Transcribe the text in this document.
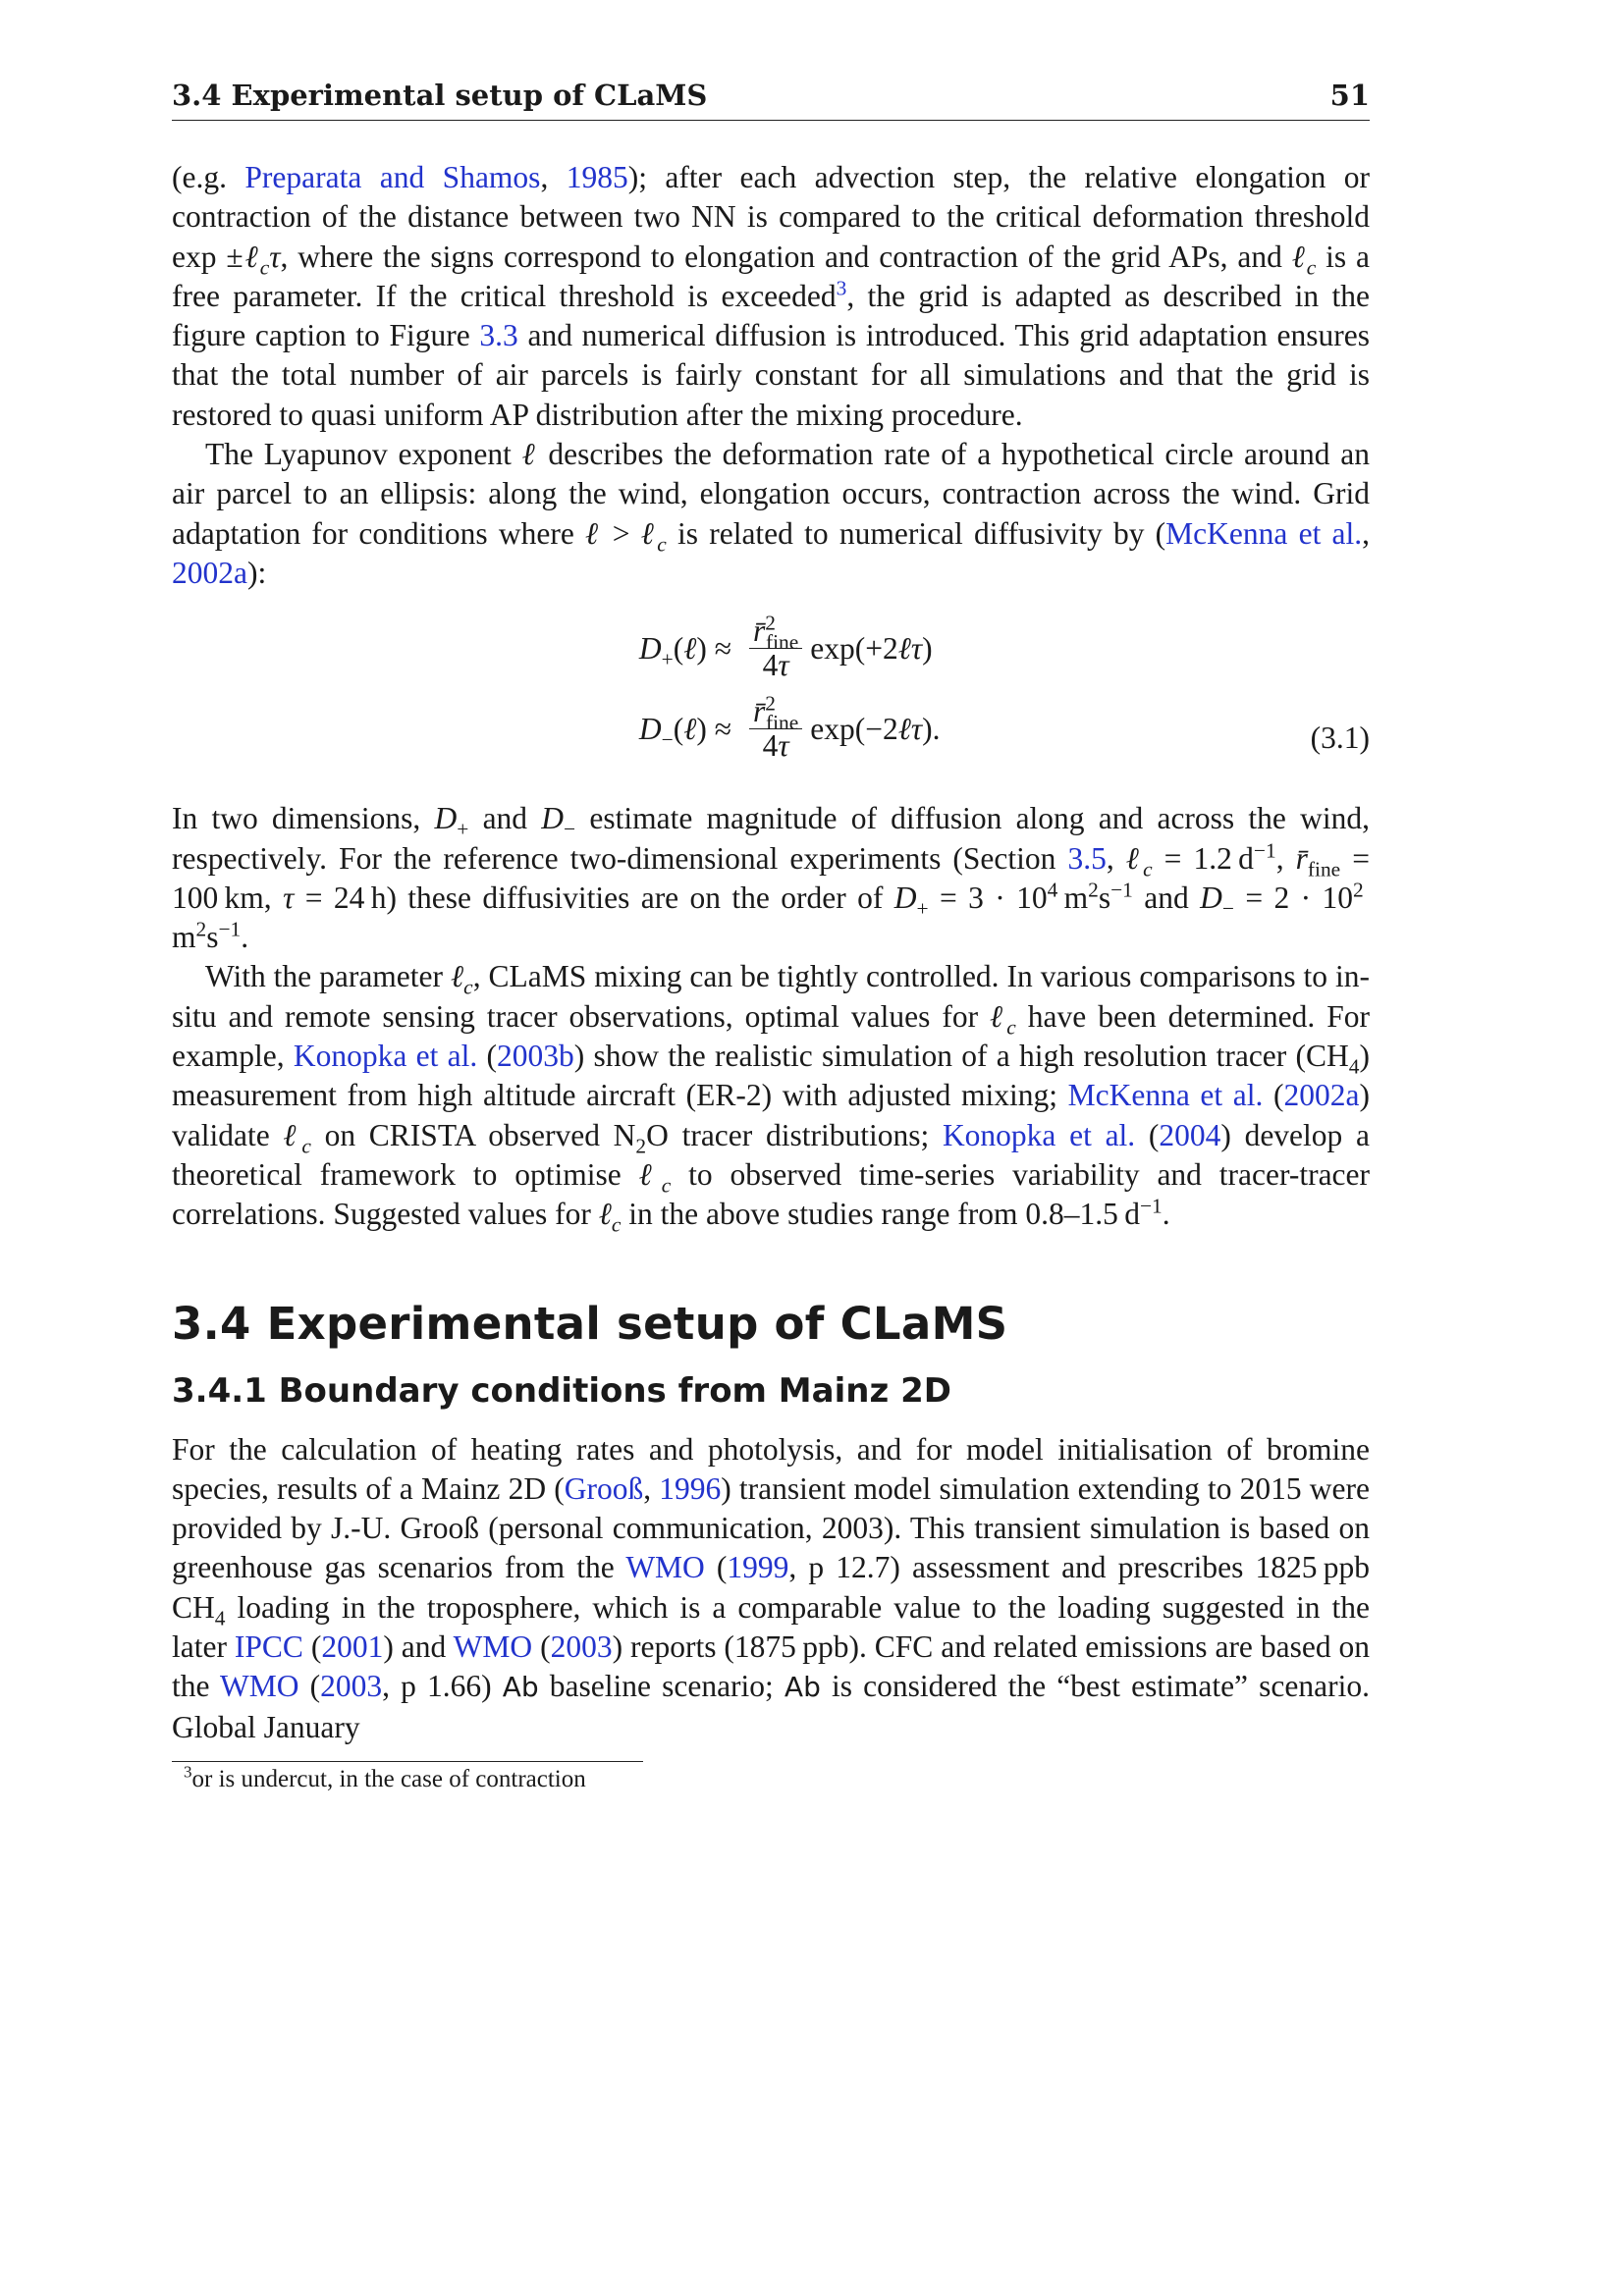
3.4 Experimental setup of CLaMS	51

(e.g. Preparata and Shamos, 1985); after each advection step, the relative elongation or contraction of the distance between two NN is compared to the critical deformation threshold exp ±ℓ$_c$τ, where the signs correspond to elongation and contraction of the grid APs, and ℓ$_c$ is a free parameter. If the critical threshold is exceeded$^3$, the grid is adapted as described in the figure caption to Figure 3.3 and numerical diffusion is introduced. This grid adaptation ensures that the total number of air parcels is fairly constant for all simulations and that the grid is restored to quasi uniform AP distribution after the mixing procedure.

The Lyapunov exponent ℓ describes the deformation rate of a hypothetical circle around an air parcel to an ellipsis: along the wind, elongation occurs, contraction across the wind. Grid adaptation for conditions where ℓ > ℓ$_c$ is related to numerical diffusivity by (McKenna et al., 2002a):

$D_+(\ell) \approx \frac{r̄^2_{fine}}{4\tau}$ exp(+2ℓτ)
$D_-(\ell) \approx \frac{r̄^2_{fine}}{4\tau}$ exp(−2ℓτ).	(3.1)

In two dimensions, $D_+$ and $D_-$ estimate magnitude of diffusion along and across the wind, respectively. For the reference two-dimensional experiments (Section 3.5, ℓ$_c$ = 1.2 $d^{-1}$, $r̄_{fine} = 100$ km, τ = 24 h) these diffusivities are on the order of $D_+ = 3 \cdot 10^4$ $m^2s^{-1}$ and $D_- = 2 \cdot 10^2$ $m^2s^{-1}$.

With the parameter ℓ$_c$, CLaMS mixing can be tightly controlled. In various comparisons to in-situ and remote sensing tracer observations, optimal values for ℓ$_c$ have been determined. For example, Konopka et al. (2003b) show the realistic simulation of a high resolution tracer $(CH_4)$ measurement from high altitude aircraft (ER-2) with adjusted mixing; McKenna et al. (2002a) validate ℓ$_c$ on CRISTA observed $N_2O$ tracer distributions; Konopka et al. (2004) develop a theoretical framework to optimise ℓ$_c$ to observed time-series variability and tracer-tracer correlations. Suggested values for ℓ$_c$ in the above studies range from 0.8–1.5 $d^{-1}$.

3.4 Experimental setup of CLaMS
3.4.1 Boundary conditions from Mainz 2D

For the calculation of heating rates and photolysis, and for model initialisation of bromine species, results of a Mainz 2D (Grooß, 1996) transient model simulation extending to 2015 were provided by J.-U. Grooß (personal communication, 2003). This transient simulation is based on greenhouse gas scenarios from the WMO (1999, p 12.7) assessment and prescribes 1825 ppb $CH_4$ loading in the troposphere, which is a comparable value to the loading suggested in the later IPCC (2001) and WMO (2003) reports (1875 ppb). CFC and related emissions are based on the WMO (2003, p 1.66) Ab baseline scenario; Ab is considered the “best estimate” scenario. Global January

$^3$or is undercut, in the case of contraction
